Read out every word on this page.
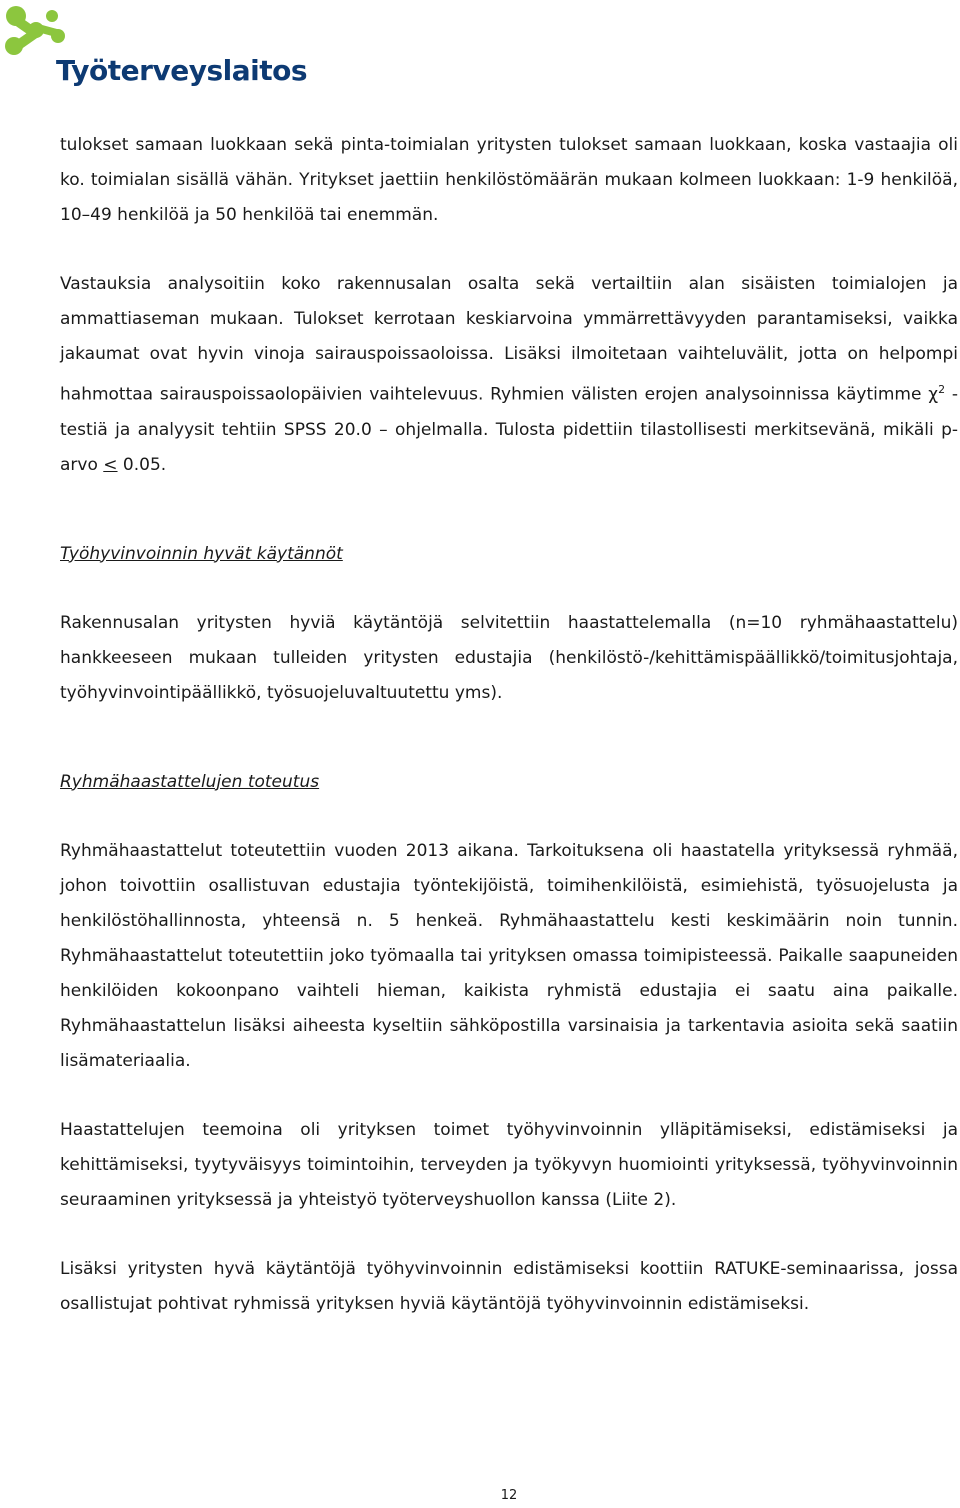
Työterveyslaitos

tulokset samaan luokkaan sekä pinta-toimialan yritysten tulokset samaan luokkaan, koska vastaajia oli ko. toimialan sisällä vähän. Yritykset jaettiin henkilöstömäärän mukaan kolmeen luokkaan: 1-9 henkilöä, 10–49 henkilöä ja 50 henkilöä tai enemmän.

Vastauksia analysoitiin koko rakennusalan osalta sekä vertailtiin alan sisäisten toimialojen ja ammattiaseman mukaan. Tulokset kerrotaan keskiarvoina ymmärrettävyyden parantamiseksi, vaikka jakaumat ovat hyvin vinoja sairauspoissaoloissa. Lisäksi ilmoitetaan vaihteluvälit, jotta on helpompi hahmottaa sairauspoissaolopäivien vaihtelevuus. Ryhmien välisten erojen analysoinnissa käytimme $\chi^2$ -testiä ja analyysit tehtiin SPSS 20.0 – ohjelmalla. Tulosta pidettiin tilastollisesti merkitsevänä, mikäli p-arvo ≤ 0.05.

Työhyvinvoinnin hyvät käytännöt

Rakennusalan yritysten hyviä käytäntöjä selvitettiin haastattelemalla (n=10 ryhmähaastattelu) hankkeeseen mukaan tulleiden yritysten edustajia (henkilöstö-/kehittämispäällikkö/toimitusjohtaja, työhyvinvointipäällikkö, työsuojeluvaltuutettu yms).

Ryhmähaastattelujen toteutus

Ryhmähaastattelut toteutettiin vuoden 2013 aikana. Tarkoituksena oli haastatella yrityksessä ryhmää, johon toivottiin osallistuvan edustajia työntekijöistä, toimihenkilöistä, esimiehistä, työsuojelusta ja henkilöstöhallinnosta, yhteensä n. 5 henkeä. Ryhmähaastattelu kesti keskimäärin noin tunnin. Ryhmähaastattelut toteutettiin joko työmaalla tai yrityksen omassa toimipisteessä. Paikalle saapuneiden henkilöiden kokoonpano vaihteli hieman, kaikista ryhmistä edustajia ei saatu aina paikalle. Ryhmähaastattelun lisäksi aiheesta kyseltiin sähköpostilla varsinaisia ja tarkentavia asioita sekä saatiin lisämateriaalia.

Haastattelujen teemoina oli yrityksen toimet työhyvinvoinnin ylläpitämiseksi, edistämiseksi ja kehittämiseksi, tyytyväisyys toimintoihin, terveyden ja työkyvyn huomiointi yrityksessä, työhyvinvoinnin seuraaminen yrityksessä ja yhteistyö työterveyshuollon kanssa (Liite 2).

Lisäksi yritysten hyvä käytäntöjä työhyvinvoinnin edistämiseksi koottiin RATUKE-seminaarissa, jossa osallistujat pohtivat ryhmissä yrityksen hyviä käytäntöjä työhyvinvoinnin edistämiseksi.

12
